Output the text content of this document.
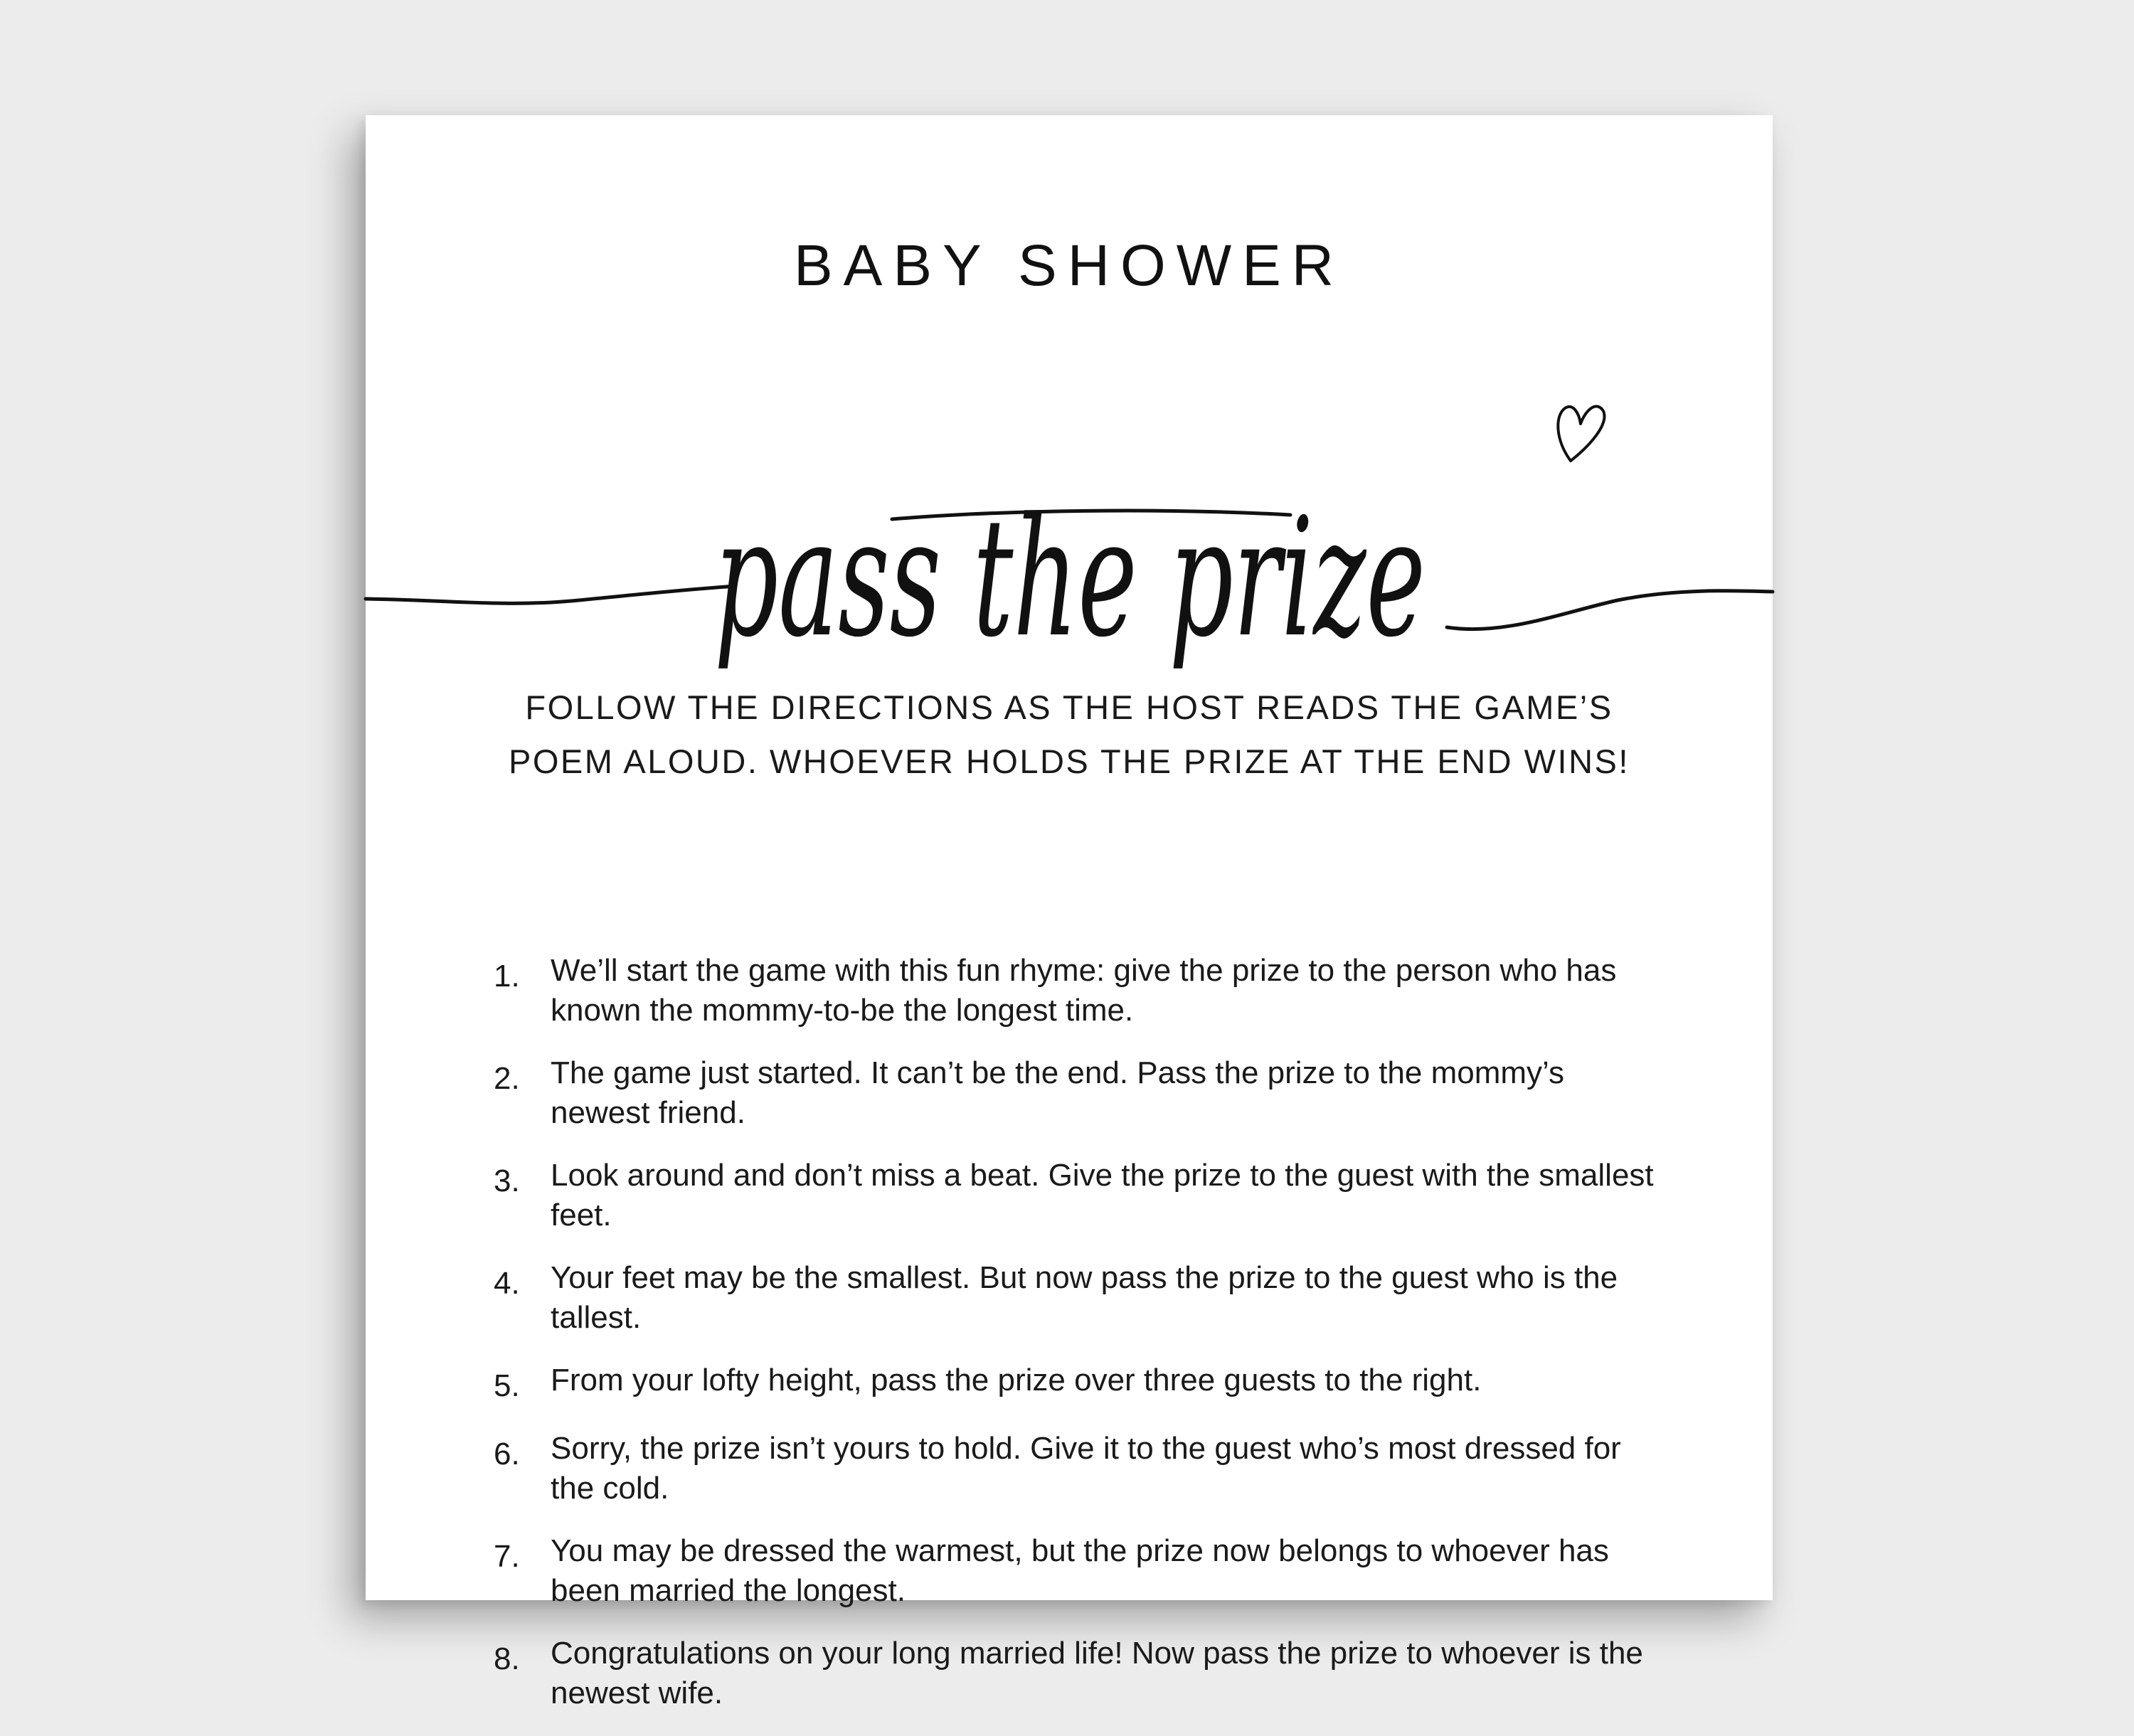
BABY SHOWER
pass the prize
FOLLOW THE DIRECTIONS AS THE HOST READS THE GAME’S
POEM ALOUD. WHOEVER HOLDS THE PRIZE AT THE END WINS!
1. We’ll start the game with this fun rhyme: give the prize to the person who has known the mommy-to-be the longest time.
2. The game just started. It can’t be the end. Pass the prize to the mommy’s newest friend.
3. Look around and don’t miss a beat. Give the prize to the guest with the smallest feet.
4. Your feet may be the smallest. But now pass the prize to the guest who is the tallest.
5. From your lofty height, pass the prize over three guests to the right.
6. Sorry, the prize isn’t yours to hold. Give it to the guest who’s most dressed for the cold.
7. You may be dressed the warmest, but the prize now belongs to whoever has been married the longest.
8. Congratulations on your long married life! Now pass the prize to whoever is the newest wife.
